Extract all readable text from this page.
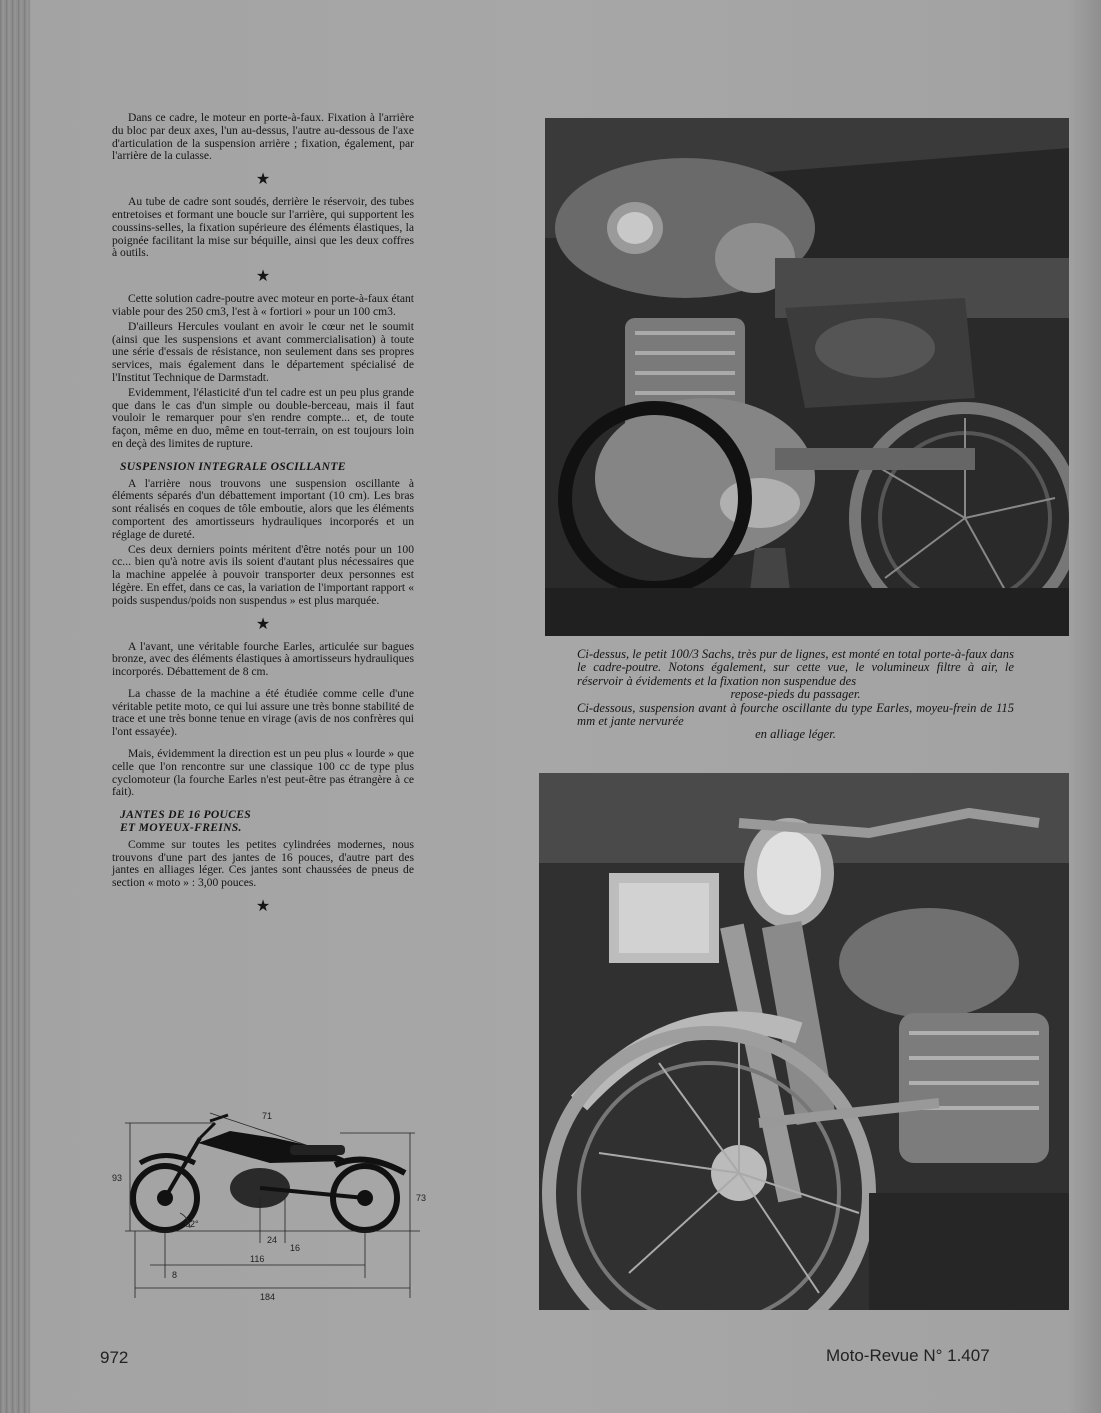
Dans ce cadre, le moteur en porte-à-faux. Fixation à l'arrière du bloc par deux axes, l'un au-dessus, l'autre au-dessous de l'axe d'articulation de la suspension arrière ; fixation, également, par l'arrière de la culasse.

★

Au tube de cadre sont soudés, derrière le réservoir, des tubes entretoises et formant une boucle sur l'arrière, qui supportent les coussins-selles, la fixation supérieure des éléments élastiques, la poignée facilitant la mise sur béquille, ainsi que les deux coffres à outils.

★

Cette solution cadre-poutre avec moteur en porte-à-faux étant viable pour des 250 cm3, l'est à « fortiori » pour un 100 cm3.

D'ailleurs Hercules voulant en avoir le cœur net le soumit (ainsi que les suspensions et avant commercialisation) à toute une série d'essais de résistance, non seulement dans ses propres services, mais également dans le département spécialisé de l'Institut Technique de Darmstadt.

Evidemment, l'élasticité d'un tel cadre est un peu plus grande que dans le cas d'un simple ou double-berceau, mais il faut vouloir le remarquer pour s'en rendre compte... et, de toute façon, même en duo, même en tout-terrain, on est toujours loin en deçà des limites de rupture.

SUSPENSION INTEGRALE OSCILLANTE

A l'arrière nous trouvons une suspension oscillante à éléments séparés d'un débattement important (10 cm). Les bras sont réalisés en coques de tôle emboutie, alors que les éléments comportent des amortisseurs hydrauliques incorporés et un réglage de dureté.

Ces deux derniers points méritent d'être notés pour un 100 cc... bien qu'à notre avis ils soient d'autant plus nécessaires que la machine appelée à pouvoir transporter deux personnes est légère. En effet, dans ce cas, la variation de l'important rapport « poids suspendus/poids non suspendus » est plus marquée.

★

A l'avant, une véritable fourche Earles, articulée sur bagues bronze, avec des éléments élastiques à amortisseurs hydrauliques incorporés. Débattement de 8 cm.

La chasse de la machine a été étudiée comme celle d'une véritable petite moto, ce qui lui assure une très bonne stabilité de trace et une très bonne tenue en virage (avis de nos confrères qui l'ont essayée).

Mais, évidemment la direction est un peu plus « lourde » que celle que l'on rencontre sur une classique 100 cc de type plus cyclomoteur (la fourche Earles n'est peut-être pas étrangère à ce fait).

JANTES DE 16 POUCES
ET MOYEUX-FREINS.

Comme sur toutes les petites cylindrées modernes, nous trouvons d'une part des jantes de 16 pouces, d'autre part des jantes en alliages léger. Ces jantes sont chaussées de pneus de section « moto » : 3,00 pouces.

★

Ci-dessus, le petit 100/3 Sachs, très pur de lignes, est monté en total porte-à-faux dans le cadre-poutre. Notons également, sur cette vue, le volumineux filtre à air, le réservoir à évidements et la fixation non suspendue des

repose-pieds du passager.

Ci-dessous, suspension avant à fourche oscillante du type Earles, moyeu-frein de 115 mm et jante nervurée

en alliage léger.

71
93
73
62°
24
16
8
116
184
972	Moto-Revue N° 1.407
